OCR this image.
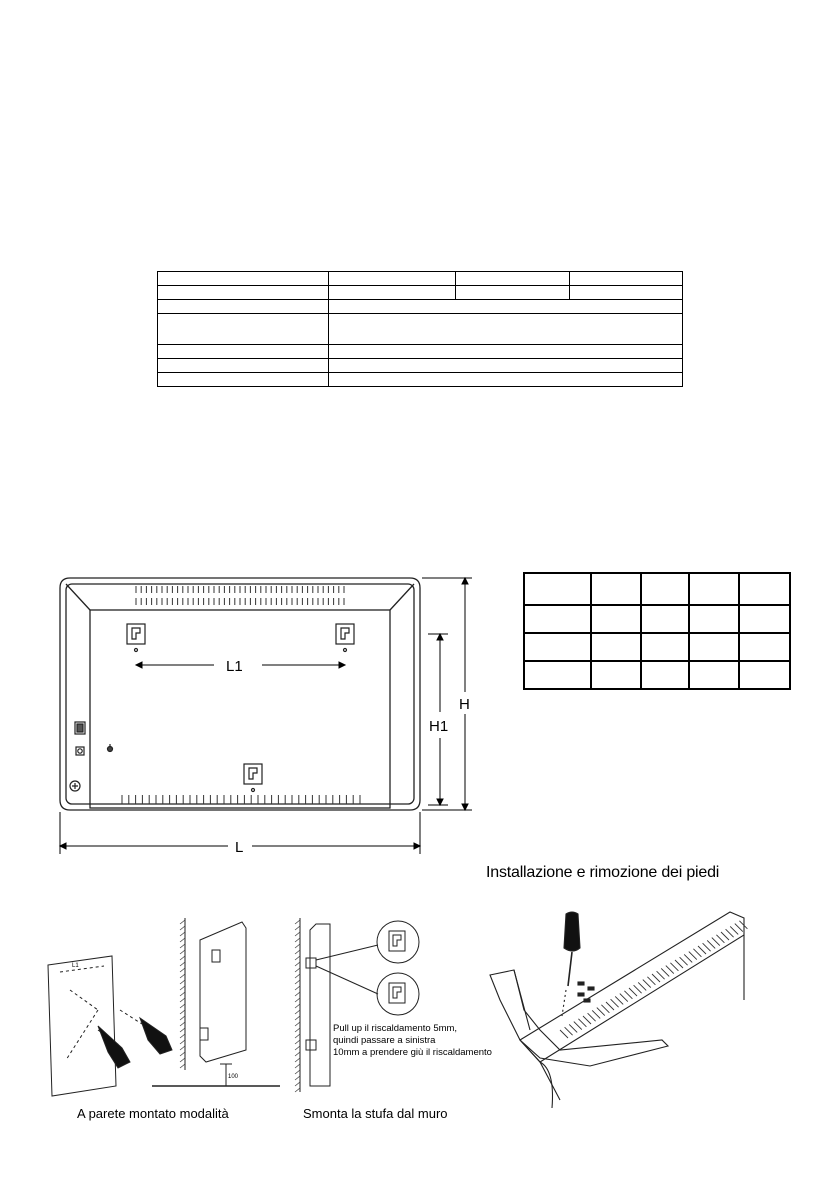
L1
H1
H
L

Installazione e rimozione dei piedi
L1
100
Pull up il riscaldamento 5mm,
quindi passare a sinistra
10mm a prendere giù il riscaldamento
A parete montato modalità	Smonta la stufa dal muro
